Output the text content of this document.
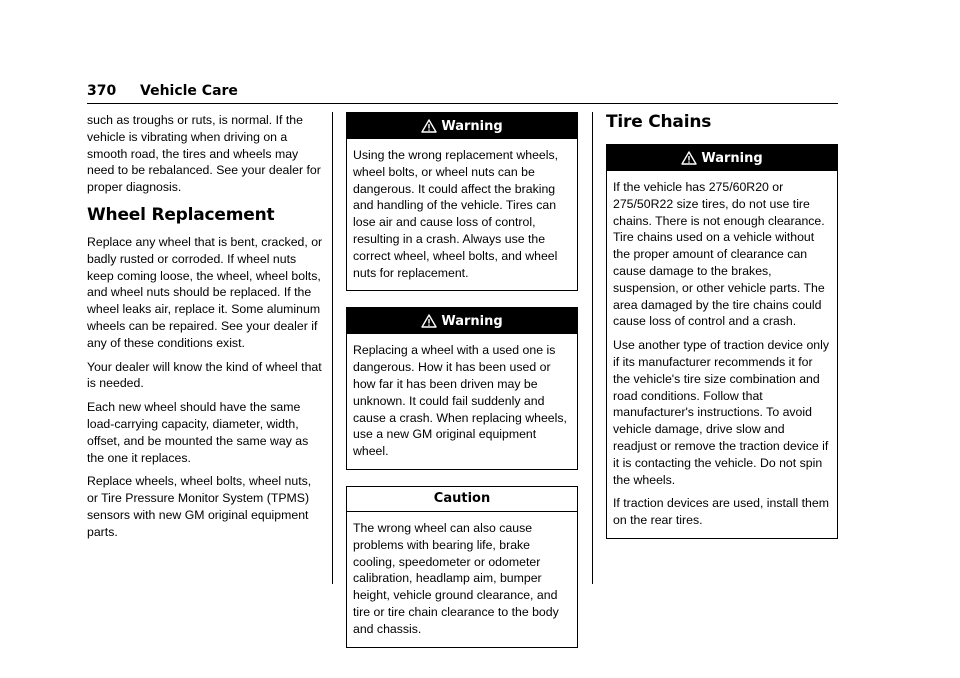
370 Vehicle Care

such as troughs or ruts, is normal. If the vehicle is vibrating when driving on a smooth road, the tires and wheels may need to be rebalanced. See your dealer for proper diagnosis.

Wheel Replacement

Replace any wheel that is bent, cracked, or badly rusted or corroded. If wheel nuts keep coming loose, the wheel, wheel bolts, and wheel nuts should be replaced. If the wheel leaks air, replace it. Some aluminum wheels can be repaired. See your dealer if any of these conditions exist.

Your dealer will know the kind of wheel that is needed.

Each new wheel should have the same load-carrying capacity, diameter, width, offset, and be mounted the same way as the one it replaces.

Replace wheels, wheel bolts, wheel nuts, or Tire Pressure Monitor System (TPMS) sensors with new GM original equipment parts.

Warning

Using the wrong replacement wheels, wheel bolts, or wheel nuts can be dangerous. It could affect the braking and handling of the vehicle. Tires can lose air and cause loss of control, resulting in a crash. Always use the correct wheel, wheel bolts, and wheel nuts for replacement.

Warning

Replacing a wheel with a used one is dangerous. How it has been used or how far it has been driven may be unknown. It could fail suddenly and cause a crash. When replacing wheels, use a new GM original equipment wheel.

Caution

The wrong wheel can also cause problems with bearing life, brake cooling, speedometer or odometer calibration, headlamp aim, bumper height, vehicle ground clearance, and tire or tire chain clearance to the body and chassis.

Tire Chains
Warning

If the vehicle has 275/60R20 or 275/50R22 size tires, do not use tire chains. There is not enough clearance. Tire chains used on a vehicle without the proper amount of clearance can cause damage to the brakes, suspension, or other vehicle parts. The area damaged by the tire chains could cause loss of control and a crash.

Use another type of traction device only if its manufacturer recommends it for the vehicle's tire size combination and road conditions. Follow that manufacturer's instructions. To avoid vehicle damage, drive slow and readjust or remove the traction device if it is contacting the vehicle. Do not spin the wheels.

If traction devices are used, install them on the rear tires.
